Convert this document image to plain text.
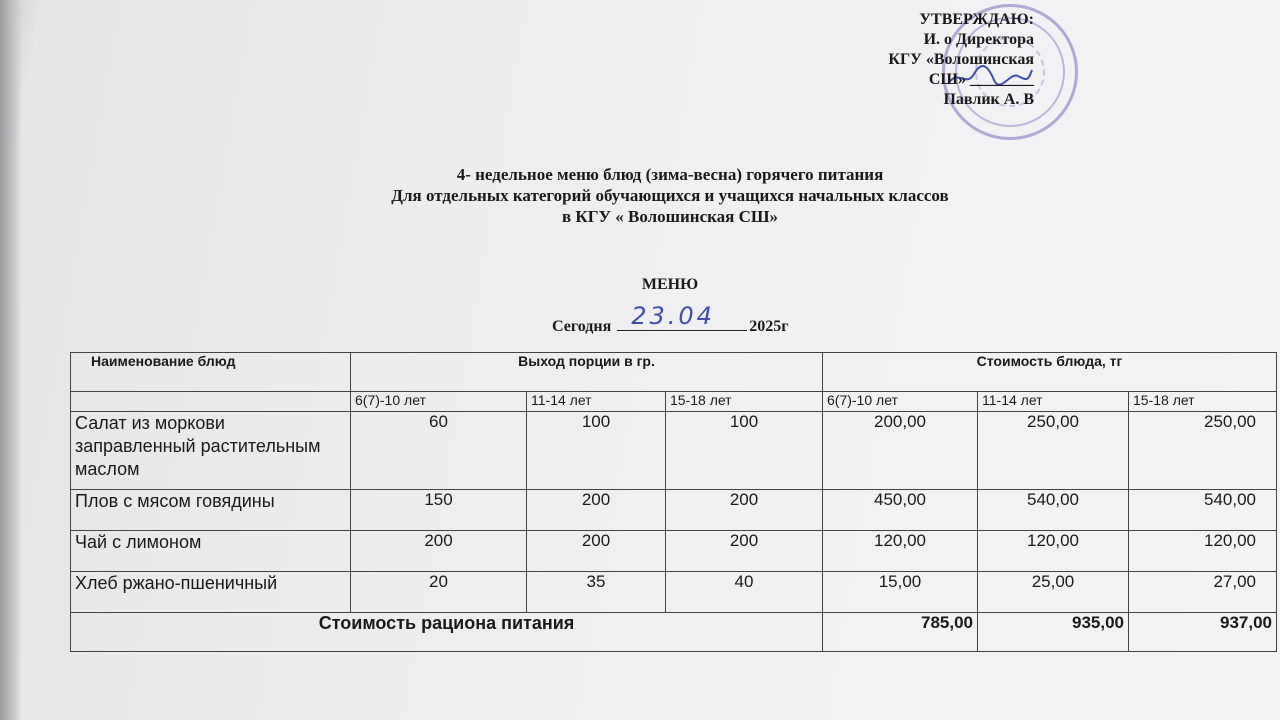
УТВЕРЖДАЮ:
И. о Директора
КГУ «Волошинская
СШ» ________
Павлик А. В
4- недельное меню блюд (зима-весна) горячего питания
Для отдельных категорий обучающихся и учащихся начальных классов
в КГУ « Волошинская СШ»
МЕНЮ
Сегодня 23.04 2025г
Наименование блюд	Выход порции в гр.			Стоимость блюда, тг		
	6(7)-10 лет	11-14 лет	15-18 лет	6(7)-10 лет	11-14 лет	15-18 лет
Салат из моркови заправленный растительным маслом	60	100	100	200,00	250,00	250,00
Плов с мясом говядины	150	200	200	450,00	540,00	540,00
Чай с лимоном	200	200	200	120,00	120,00	120,00
Хлеб ржано-пшеничный	20	35	40	15,00	25,00	27,00
Стоимость рациона питания				785,00	935,00	937,00
